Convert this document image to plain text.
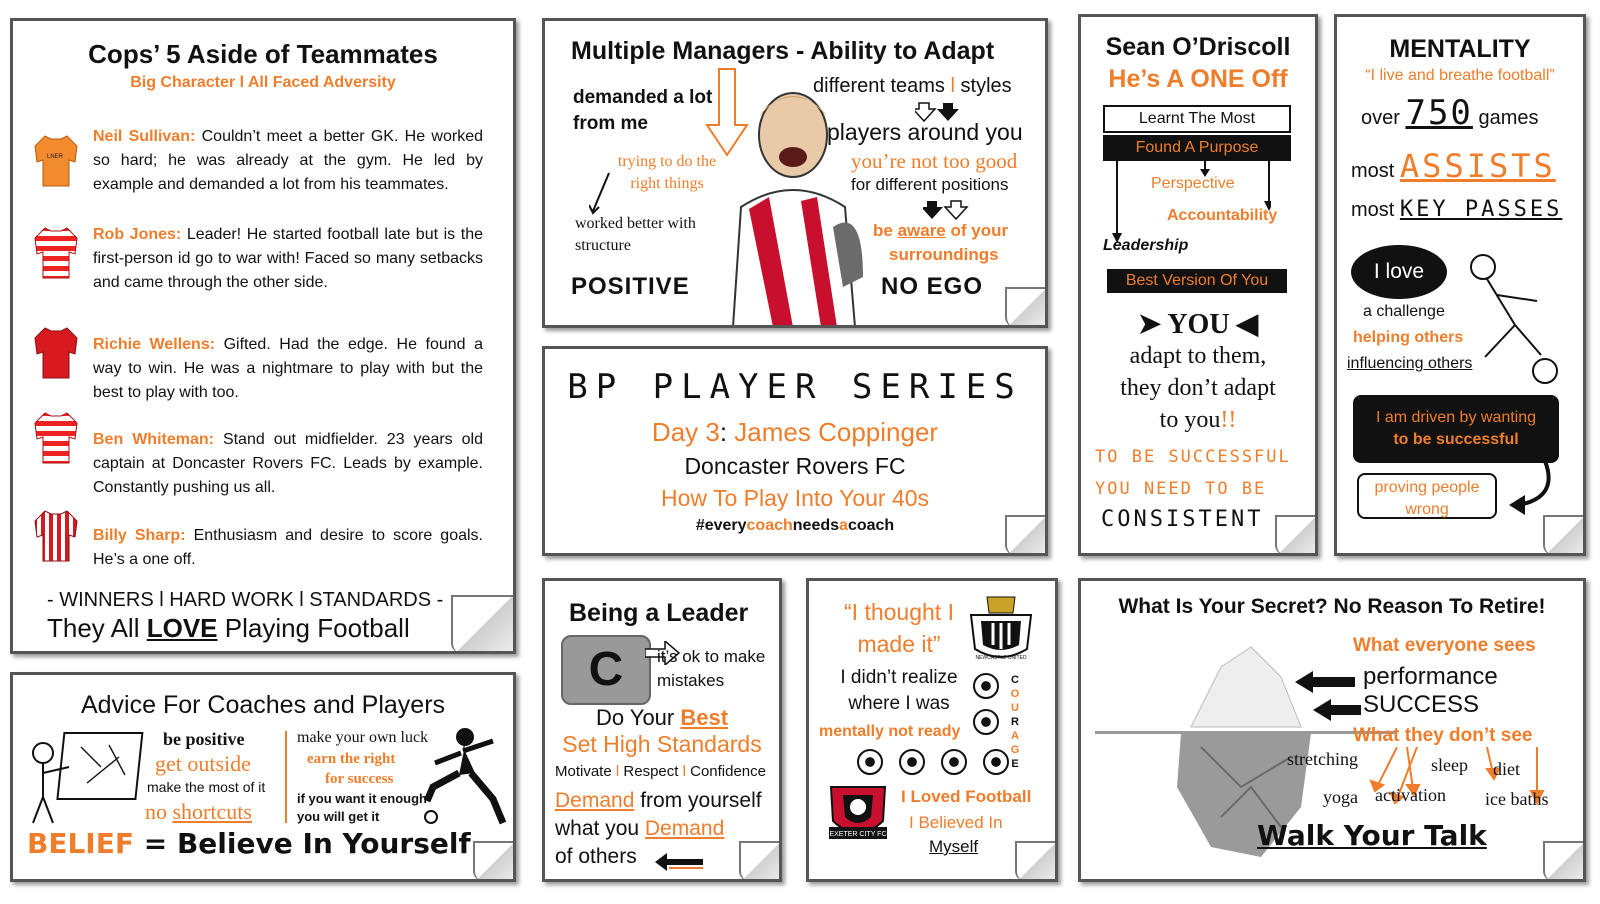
Cops’ 5 Aside of Teammates
Big Character l All Faced Adversity
LNER
Neil Sullivan: Couldn’t meet a better GK. He worked so hard; he was already at the gym. He led by example and demanded a lot from his teammates.
Rob Jones: Leader! He started football late but is the first-person id go to war with! Faced so many setbacks and came through the other side.
Richie Wellens: Gifted. Had the edge. He found a way to win. He was a nightmare to play with but the best to play with too.
Ben Whiteman: Stand out midfielder. 23 years old captain at Doncaster Rovers FC. Leads by example. Constantly pushing us all.
Billy Sharp: Enthusiasm and desire to score goals. He’s a one off.
- WINNERS l HARD WORK l STANDARDS -
They All LOVE Playing Football
Multiple Managers - Ability to Adapt
demanded a lot from me
trying to do the right things
worked better with structure
POSITIVE
different teams l styles
players around you
you’re not too good
for different positions
be aware of your
surroundings
NO EGO
BP PLAYER SERIES
Day 3: James Coppinger
Doncaster Rovers FC
How To Play Into Your 40s
#everycoachneedsacoach
Sean O’Driscoll
He’s A ONE Off
Learnt The Most
Found A Purpose
Perspective
Accountability
Leadership
Best Version Of You
➤ YOU ◀
adapt to them,
they don’t adapt
to you!!
TO BE SUCCESSFUL
YOU NEED TO BE
CONSISTENT
MENTALITY
“I live and breathe football”
over 750 games
most ASSISTS
most KEY PASSES
I love
a challenge
helping others
influencing others
I am driven by wanting
to be successful
proving people wrong
Advice For Coaches and Players
be positive
get outside
make the most of it
no shortcuts
make your own luck
earn the right
for success
if you want it enough
you will get it
BELIEF = Believe In Yourself
Being a Leader
C	it’s ok to make mistakes
Do Your Best
Set High Standards
Motivate l Respect l Confidence
Demand from yourself
what you Demand
of others
“I thought I
made it”
NEWCASTLE UNITED
I didn’t realize
where I was
mentally not ready
C
O
U
R
A
G
E
EXETER CITY FC
I Loved Football
I Believed In
Myself
What Is Your Secret? No Reason To Retire!
What everyone sees
performance
SUCCESS
What they don’t see
stretching	sleep diet
yoga activation ice baths
Walk Your Talk
